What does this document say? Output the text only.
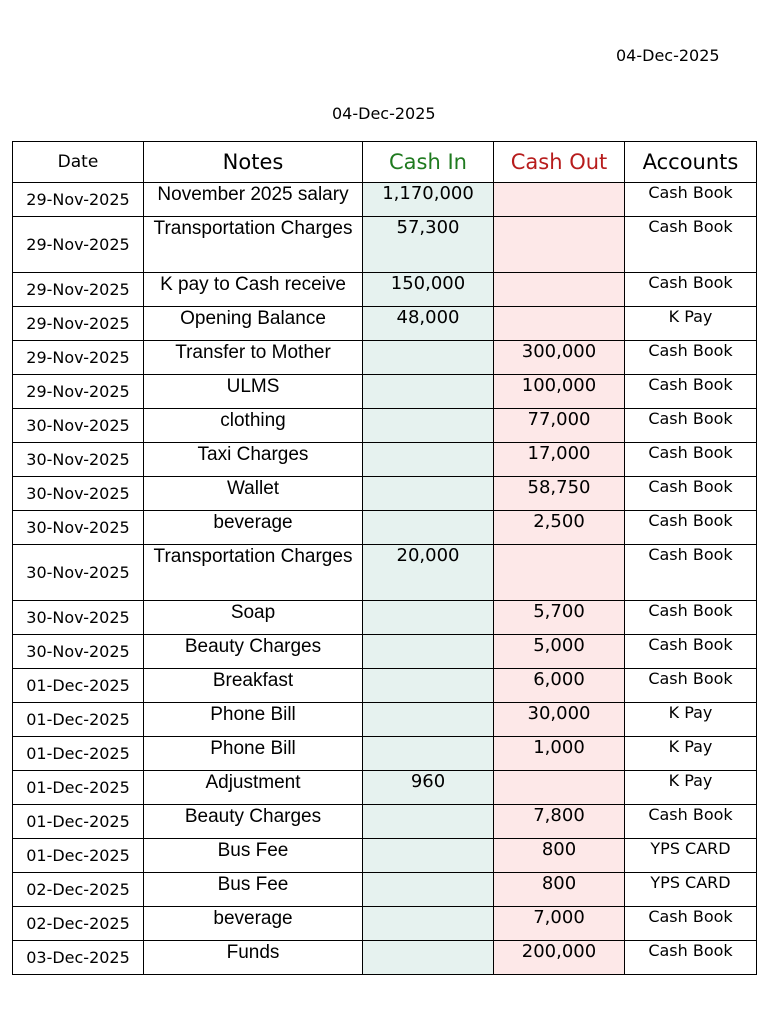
04-Dec-2025
04-Dec-2025
Date	Notes	Cash In	Cash Out	Accounts
29-Nov-2025	November 2025 salary	1,170,000		Cash Book
29-Nov-2025	Transportation Charges	57,300		Cash Book
29-Nov-2025	K pay to Cash receive	150,000		Cash Book
29-Nov-2025	Opening Balance	48,000		K Pay
29-Nov-2025	Transfer to Mother		300,000	Cash Book
29-Nov-2025	ULMS		100,000	Cash Book
30-Nov-2025	clothing		77,000	Cash Book
30-Nov-2025	Taxi Charges		17,000	Cash Book
30-Nov-2025	Wallet		58,750	Cash Book
30-Nov-2025	beverage		2,500	Cash Book
30-Nov-2025	Transportation Charges	20,000		Cash Book
30-Nov-2025	Soap		5,700	Cash Book
30-Nov-2025	Beauty Charges		5,000	Cash Book
01-Dec-2025	Breakfast		6,000	Cash Book
01-Dec-2025	Phone Bill		30,000	K Pay
01-Dec-2025	Phone Bill		1,000	K Pay
01-Dec-2025	Adjustment	960		K Pay
01-Dec-2025	Beauty Charges		7,800	Cash Book
01-Dec-2025	Bus Fee		800	YPS CARD
02-Dec-2025	Bus Fee		800	YPS CARD
02-Dec-2025	beverage		7,000	Cash Book
03-Dec-2025	Funds		200,000	Cash Book
